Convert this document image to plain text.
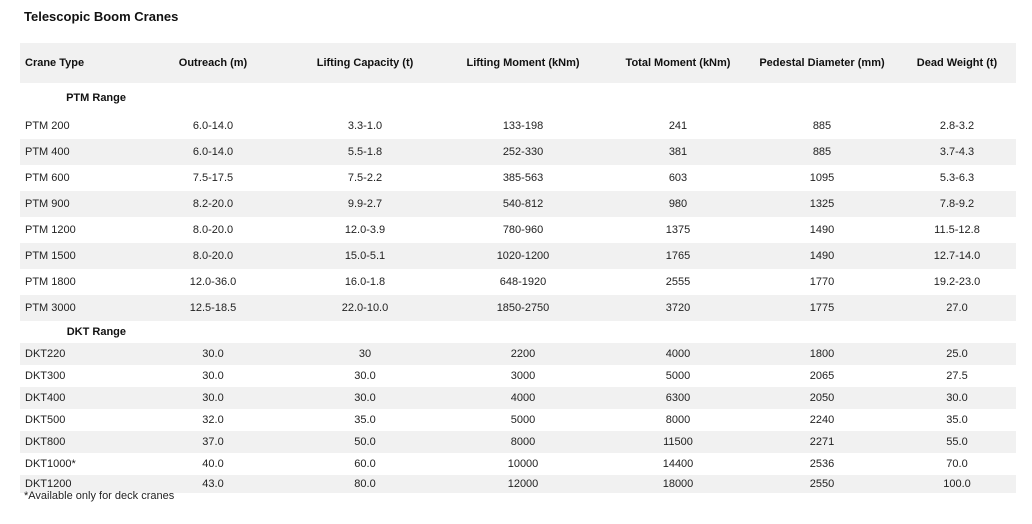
Telescopic Boom Cranes
Crane Type	Outreach (m)	Lifting Capacity (t)	Lifting Moment (kNm)	Total Moment (kNm)	Pedestal Diameter (mm)	Dead Weight (t)
PTM Range						
PTM 200	6.0-14.0	3.3-1.0	133-198	241	885	2.8-3.2
PTM 400	6.0-14.0	5.5-1.8	252-330	381	885	3.7-4.3
PTM 600	7.5-17.5	7.5-2.2	385-563	603	1095	5.3-6.3
PTM 900	8.2-20.0	9.9-2.7	540-812	980	1325	7.8-9.2
PTM 1200	8.0-20.0	12.0-3.9	780-960	1375	1490	11.5-12.8
PTM 1500	8.0-20.0	15.0-5.1	1020-1200	1765	1490	12.7-14.0
PTM 1800	12.0-36.0	16.0-1.8	648-1920	2555	1770	19.2-23.0
PTM 3000	12.5-18.5	22.0-10.0	1850-2750	3720	1775	27.0
DKT Range						
DKT220	30.0	30	2200	4000	1800	25.0
DKT300	30.0	30.0	3000	5000	2065	27.5
DKT400	30.0	30.0	4000	6300	2050	30.0
DKT500	32.0	35.0	5000	8000	2240	35.0
DKT800	37.0	50.0	8000	11500	2271	55.0
DKT1000*	40.0	60.0	10000	14400	2536	70.0
DKT1200	43.0	80.0	12000	18000	2550	100.0
*Available only for deck cranes
